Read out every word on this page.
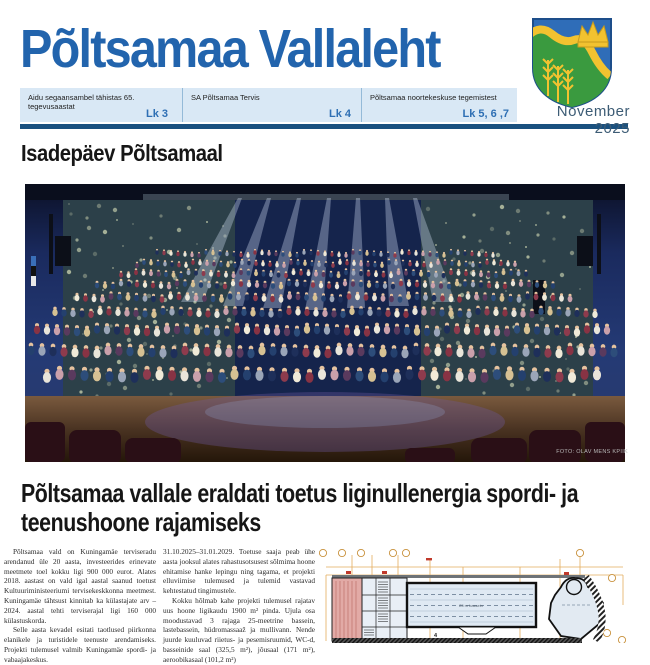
Põltsamaa Vallaleht
Aidu segaansambel tähistas 65. tegevusaastat
Lk 3
SA Põltsamaa Tervis
Lk 4
Põltsamaa noortekeskuse tegemistest
Lk 5, 6 ,7	November 2025
Isadepäev Põltsamaal
FOTO: OLAV MENS KPIIK
Põltsamaa vallale eraldati toetus liginullenergia spordi- ja teenushoone rajamiseks

Põltsamaa vald on Kuningamäe terviseradu arendanud üle 20 aasta, investeerides erinevate meetmete toel kokku ligi 900 000 eurot. Alates 2018. aastast on vald igal aastal saanud toetust Kultuuriministeeriumi tervisekeskkonna meetmest. Kuningamäe tähtsust kinnitab ka külastajate arv – 2024. aastal tehti terviserajal ligi 160 000 külastuskorda.

Selle aasta kevadel esitati taotlused piirkonna elanikele ja turistidele teenuste arendamiseks. Projekti tulemusel valmib Kuningamäe spordi- ja vabaajakeskus.

31.10.2025–31.01.2029. Toetuse saaja peab ühe aasta jooksul alates rahastusotsusest sõlmima hoone ehitamise hanke lepingu ning tagama, et projekti elluviimise tulemused ja tulemid vastavad kehtestatud tingimustele.

Kokku hõlmab kahe projekti tulemusel rajatav uus hoone ligikaudu 1900 m² pinda. Ujula osa moodustavad 3 rajaga 25-meetrine bassein, lastebassein, hüdromassaaž ja mullivann. Nende juurde kuuluvad riietus- ja pesemisruumid, WC-d, basseinide saal (325,5 m²), jõusaal (171 m²), aeroobikasaal (101,2 m²)

25 m bassein
4
